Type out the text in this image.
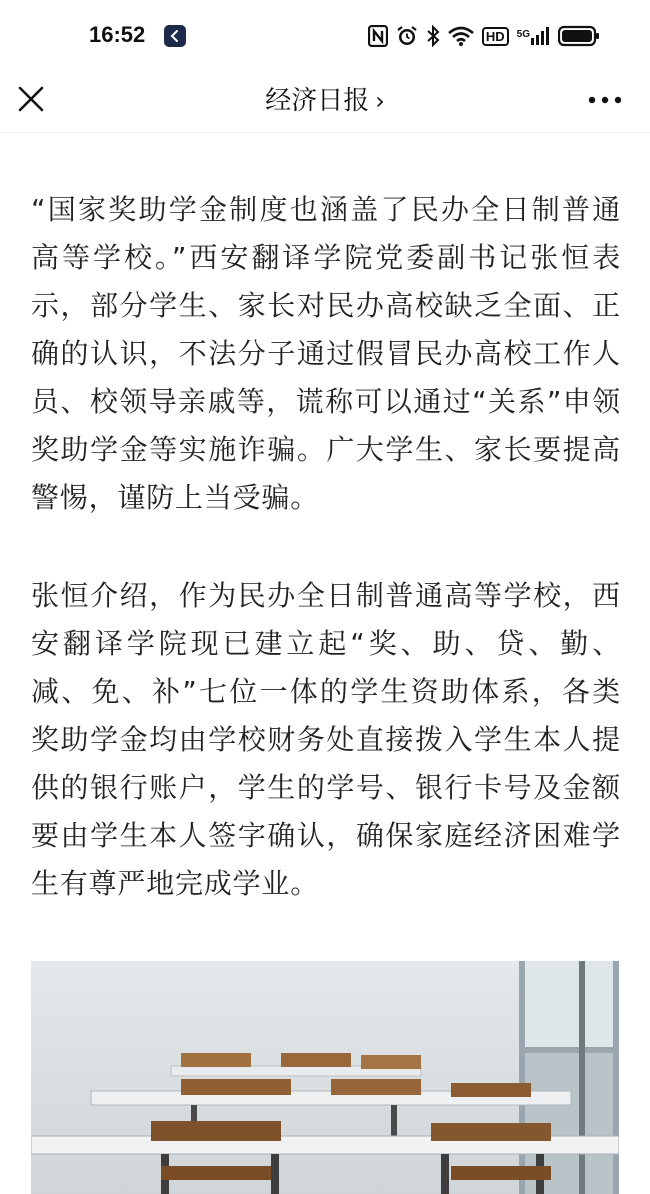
16:52	HD	5G
经济日报 ›

“国家奖助学金制度也涵盖了民办全日制普通高等学校。”西安翻译学院党委副书记张恒表示，部分学生、家长对民办高校缺乏全面、正确的认识，不法分子通过假冒民办高校工作人员、校领导亲戚等，谎称可以通过“关系”申领奖助学金等实施诈骗。广大学生、家长要提高警惕，谨防上当受骗。

张恒介绍，作为民办全日制普通高等学校，西安翻译学院现已建立起“奖、助、贷、勤、减、免、补”七位一体的学生资助体系，各类奖助学金均由学校财务处直接拨入学生本人提供的银行账户，学生的学号、银行卡号及金额要由学生本人签字确认，确保家庭经济困难学生有尊严地完成学业。
